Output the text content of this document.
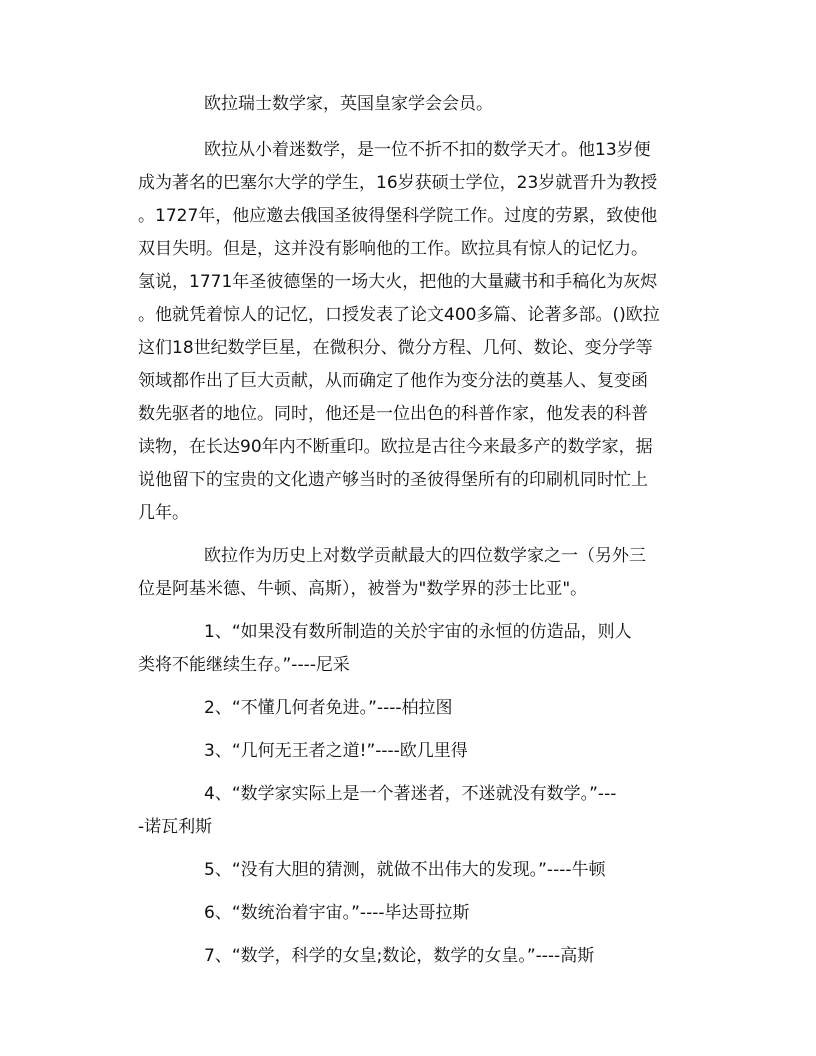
欧拉瑞士数学家，英国皇家学会会员。
欧拉从小着迷数学，是一位不折不扣的数学天才。他13岁便
成为著名的巴塞尔大学的学生，16岁获硕士学位，23岁就晋升为教授
。1727年，他应邀去俄国圣彼得堡科学院工作。过度的劳累，致使他
双目失明。但是，这并没有影响他的工作。欧拉具有惊人的记忆力。
氢说，1771年圣彼德堡的一场大火，把他的大量藏书和手稿化为灰烬
。他就凭着惊人的记忆，口授发表了论文400多篇、论著多部。()欧拉
这们18世纪数学巨星，在微积分、微分方程、几何、数论、变分学等
领域都作出了巨大贡献，从而确定了他作为变分法的奠基人、复变函
数先驱者的地位。同时，他还是一位出色的科普作家，他发表的科普
读物，在长达90年内不断重印。欧拉是古往今来最多产的数学家，据
说他留下的宝贵的文化遗产够当时的圣彼得堡所有的印刷机同时忙上
几年。
欧拉作为历史上对数学贡献最大的四位数学家之一（另外三
位是阿基米德、牛顿、高斯），被誉为"数学界的莎士比亚"。
1、“如果没有数所制造的关於宇宙的永恒的仿造品，则人
类将不能继续生存。”----尼采
2、“不懂几何者免进。”----柏拉图
3、“几何无王者之道!”----欧几里得
4、“数学家实际上是一个著迷者，不迷就没有数学。”---
-诺瓦利斯
5、“没有大胆的猜测，就做不出伟大的发现。”----牛顿
6、“数统治着宇宙。”----毕达哥拉斯
7、“数学，科学的女皇;数论，数学的女皇。”----高斯
